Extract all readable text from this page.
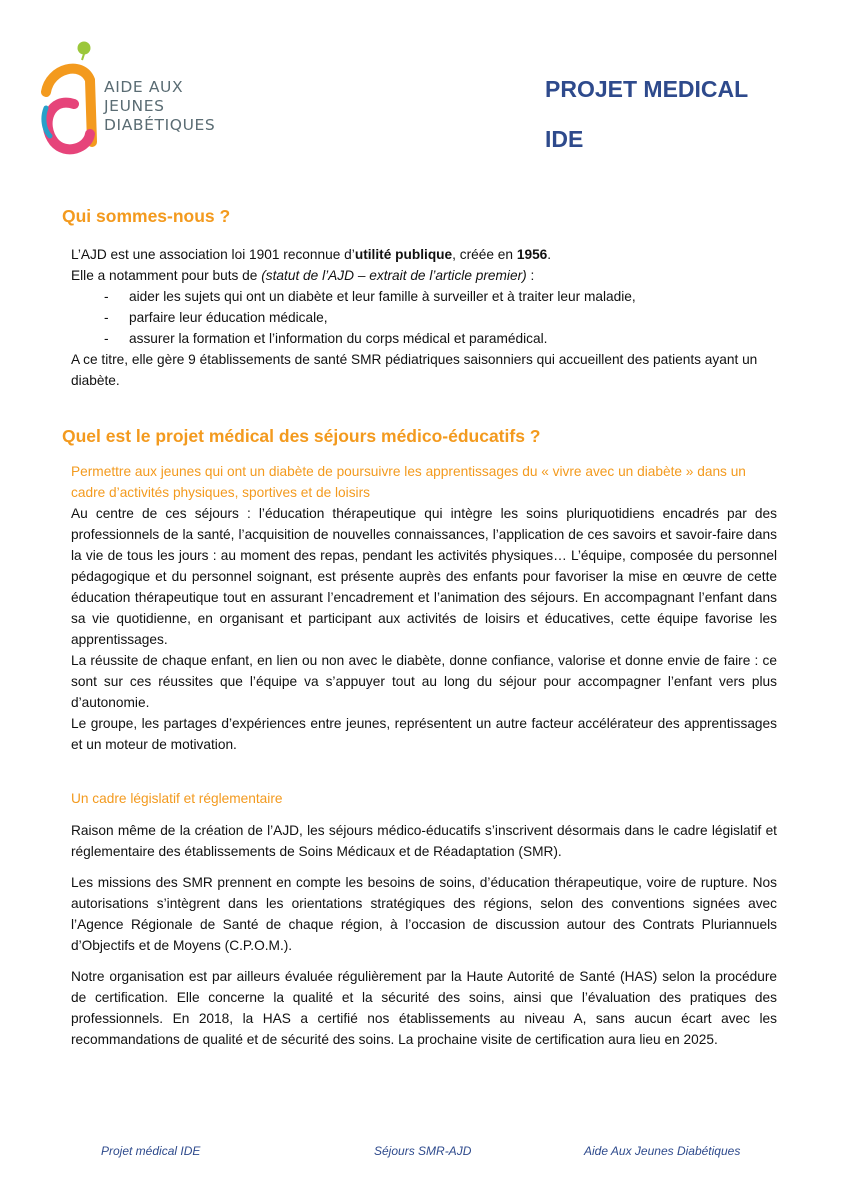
AIDE AUX
JEUNES
DIABÉTIQUES
PROJET MEDICAL
IDE
Qui sommes-nous ?

L’AJD est une association loi 1901 reconnue d’utilité publique, créée en 1956.

Elle a notamment pour buts de (statut de l’AJD – extrait de l’article premier) :

- aider les sujets qui ont un diabète et leur famille à surveiller et à traiter leur maladie,
- parfaire leur éducation médicale,
- assurer la formation et l’information du corps médical et paramédical.

A ce titre, elle gère 9 établissements de santé SMR pédiatriques saisonniers qui accueillent des patients ayant un diabète.

Quel est le projet médical des séjours médico-éducatifs ?

Permettre aux jeunes qui ont un diabète de poursuivre les apprentissages du « vivre avec un diabète » dans un cadre d’activités physiques, sportives et de loisirs

Au centre de ces séjours : l’éducation thérapeutique qui intègre les soins pluriquotidiens encadrés par des professionnels de la santé, l’acquisition de nouvelles connaissances, l’application de ces savoirs et savoir-faire dans la vie de tous les jours : au moment des repas, pendant les activités physiques… L’équipe, composée du personnel pédagogique et du personnel soignant, est présente auprès des enfants pour favoriser la mise en œuvre de cette éducation thérapeutique tout en assurant l’encadrement et l’animation des séjours. En accompagnant l’enfant dans sa vie quotidienne, en organisant et participant aux activités de loisirs et éducatives, cette équipe favorise les apprentissages.

La réussite de chaque enfant, en lien ou non avec le diabète, donne confiance, valorise et donne envie de faire : ce sont sur ces réussites que l’équipe va s’appuyer tout au long du séjour pour accompagner l’enfant vers plus d’autonomie.

Le groupe, les partages d’expériences entre jeunes, représentent un autre facteur accélérateur des apprentissages et un moteur de motivation.

Un cadre législatif et réglementaire

Raison même de la création de l’AJD, les séjours médico-éducatifs s’inscrivent désormais dans le cadre législatif et réglementaire des établissements de Soins Médicaux et de Réadaptation (SMR).

Les missions des SMR prennent en compte les besoins de soins, d’éducation thérapeutique, voire de rupture. Nos autorisations s’intègrent dans les orientations stratégiques des régions, selon des conventions signées avec l’Agence Régionale de Santé de chaque région, à l’occasion de discussion autour des Contrats Pluriannuels d’Objectifs et de Moyens (C.P.O.M.).

Notre organisation est par ailleurs évaluée régulièrement par la Haute Autorité de Santé (HAS) selon la procédure de certification. Elle concerne la qualité et la sécurité des soins, ainsi que l’évaluation des pratiques des professionnels. En 2018, la HAS a certifié nos établissements au niveau A, sans aucun écart avec les recommandations de qualité et de sécurité des soins. La prochaine visite de certification aura lieu en 2025.

Projet médical IDE	Séjours SMR-AJD	Aide Aux Jeunes Diabétiques
